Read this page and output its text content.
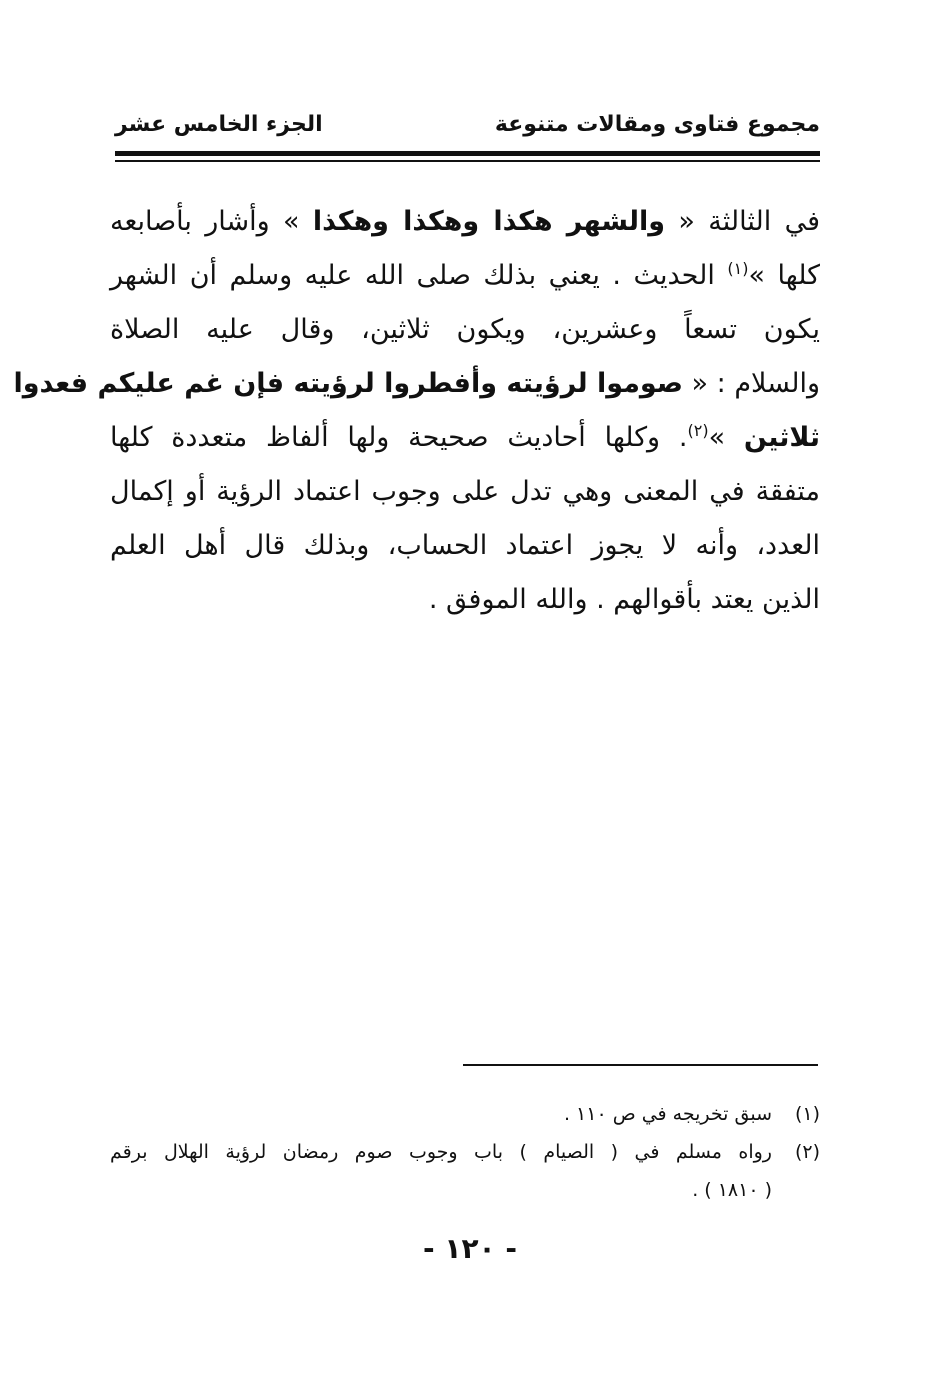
مجموع فتاوى ومقالات متنوعة
الجزء الخامس عشر
في الثالثة « والشهر هكذا وهكذا وهكذا » وأشار بأصابعه
كلها »$^{(١)}$ الحديث . يعني بذلك صلى الله عليه وسلم أن الشهر
يكون تسعاً وعشرين، ويكون ثلاثين، وقال عليه الصلاة
والسلام : « صوموا لرؤيته وأفطروا لرؤيته فإن غم عليكم فعدوا
ثلاثين »$^{(٢)}$. وكلها أحاديث صحيحة ولها ألفاظ متعددة كلها
متفقة في المعنى وهي تدل على وجوب اعتماد الرؤية أو إكمال
العدد، وأنه لا يجوز اعتماد الحساب، وبذلك قال أهل العلم
الذين يعتد بأقوالهم . والله الموفق .
(١)
سبق تخريجه في ص ١١٠ .
(٢)
رواه مسلم في ( الصيام ) باب وجوب صوم رمضان لرؤية الهلال برقم
( ١٨١٠ ) .
- ١٢٠ -
